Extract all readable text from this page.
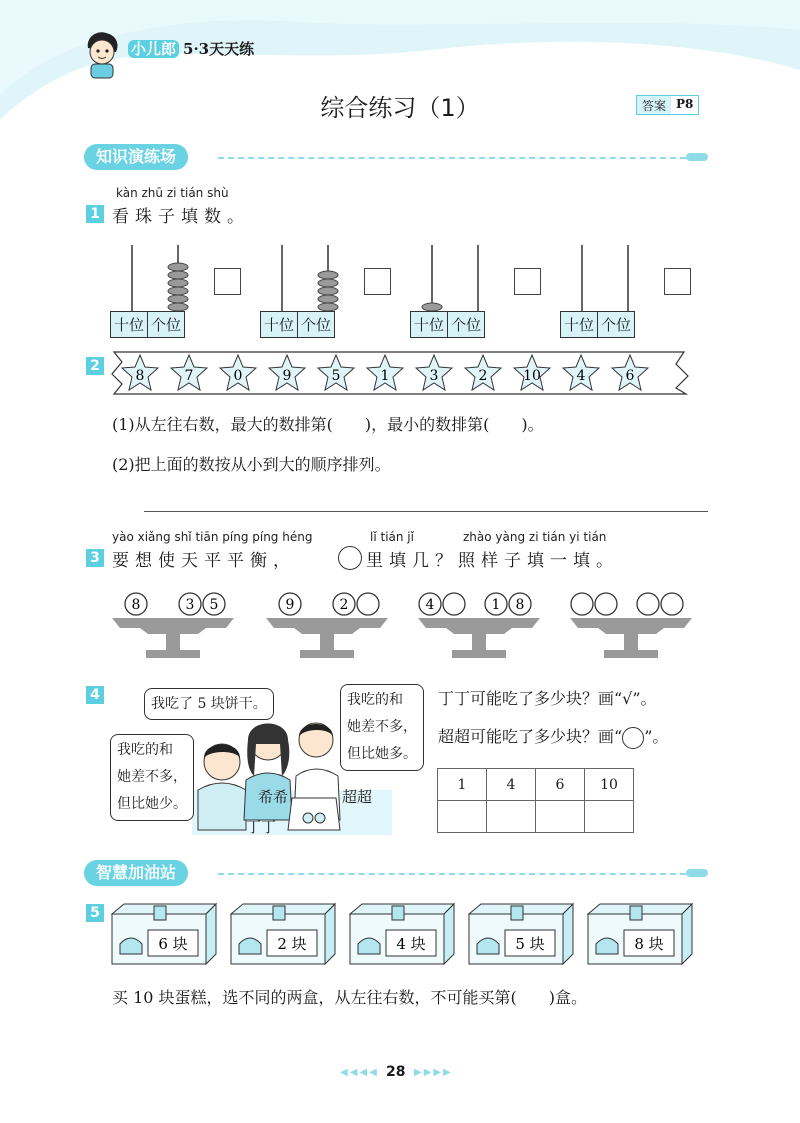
小儿郎 5·3天天练
综合练习（1）	答案 P8
知识演练场
kàn zhū zi tián shù
1 看珠子填数。
十位 个位	十位 个位	十位 个位	十位 个位
2
8	7	0	9	5	1	3	2	10	4	6
(1)从左往右数，最大的数排第(　　)，最小的数排第(　　)。
(2)把上面的数按从小到大的顺序排列。
yào xiǎng shǐ tiān píng píng héng	lǐ tián jǐ	zhào yàng zi tián yi tián
3 要想使天平平衡，	里填几？照样子填一填。
8	3 5	9	2	4	1 8
4
我吃了 5 块饼干。	我吃的和
她差不多，
但比她多。
我吃的和
她差不多，
但比她少。	希希	超超
丁丁
丁丁可能吃了多少块？画“√”。
超超可能吃了多少块？画“○”。
1	4	6	10

智慧加油站
5
6 块	2 块	4 块	5 块	8 块
买 10 块蛋糕，选不同的两盒，从左往右数，不可能买第(　　)盒。
◀◀◀◀ 28 ▶▶▶▶
